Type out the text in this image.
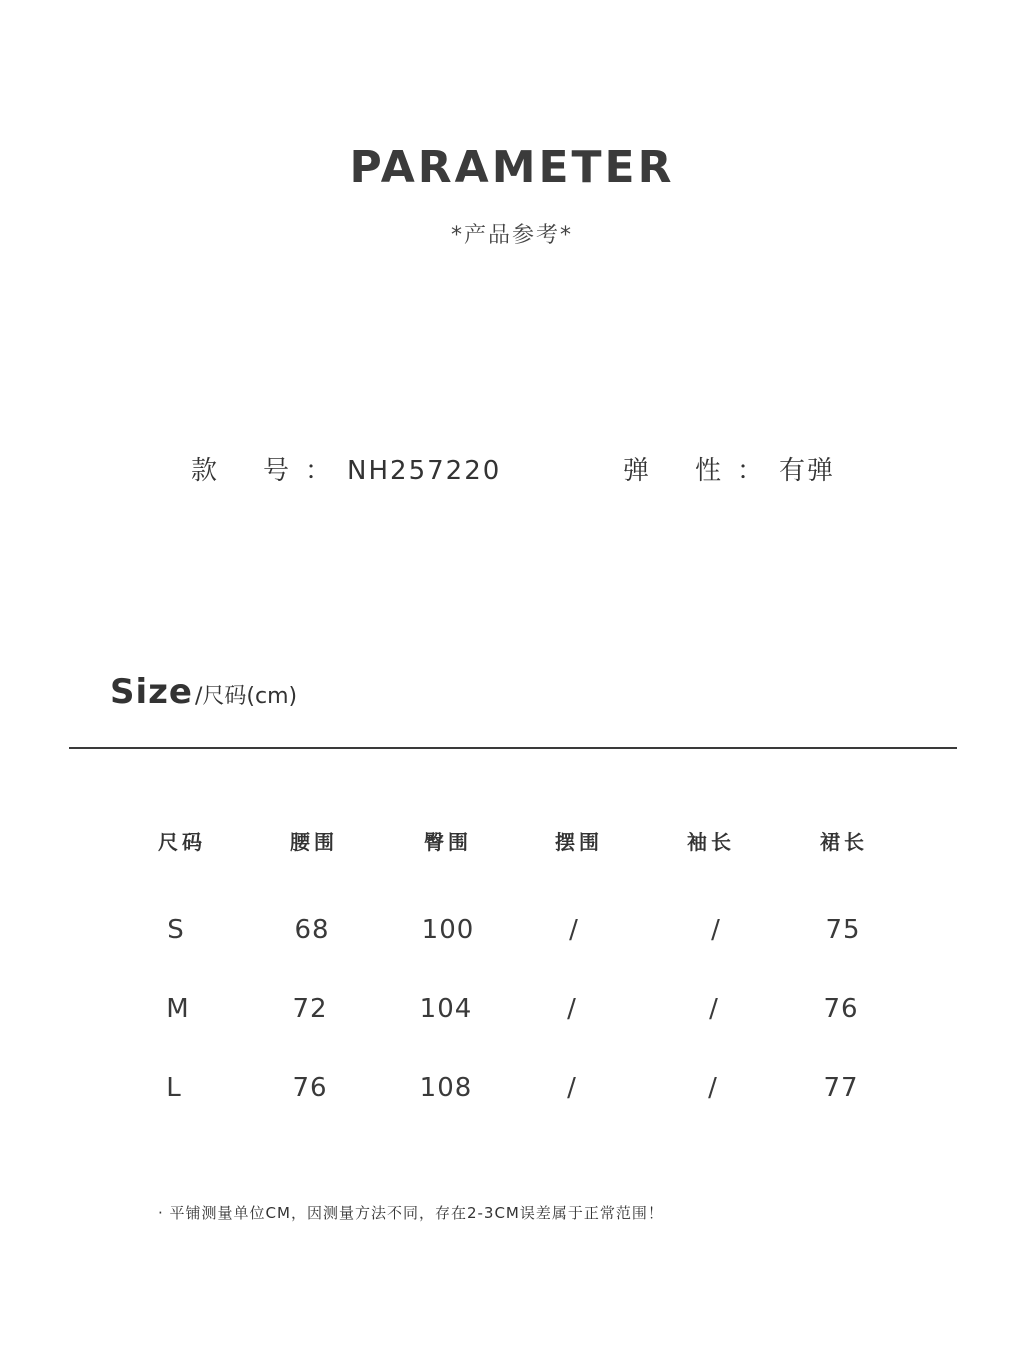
PARAMETER
*产品参考*
款 号 ： NH257220	弹 性 ： 有弹
Size/尺码(cm)
尺码	腰围	臀围	摆围	袖长	裙长
S	68	100	/	/	75
M	72	104	/	/	76
L	76	108	/	/	77
· 平铺测量单位CM，因测量方法不同，存在2-3CM误差属于正常范围！
